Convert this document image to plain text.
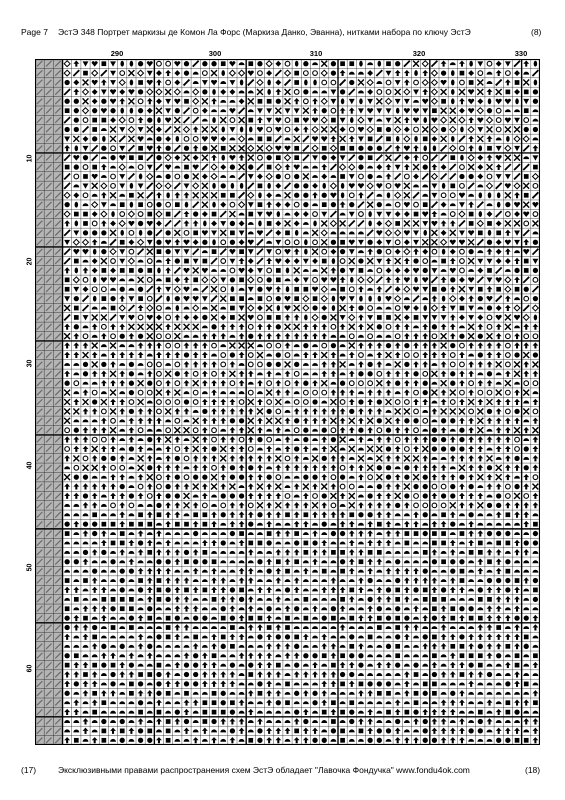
Page 7 ЭстЭ 348 Портрет маркизы де Комон Ла Форс (Маркиза Данко, Эванна), нитками набора по ключу ЭстЭ	(8)
290	300	310	320	330
10
20
30
40
50
60
(17)	Эксклюзивными правами распространения схем ЭстЭ обладает "Лавочка Фондучка" www.fondu4ok.com	(18)
